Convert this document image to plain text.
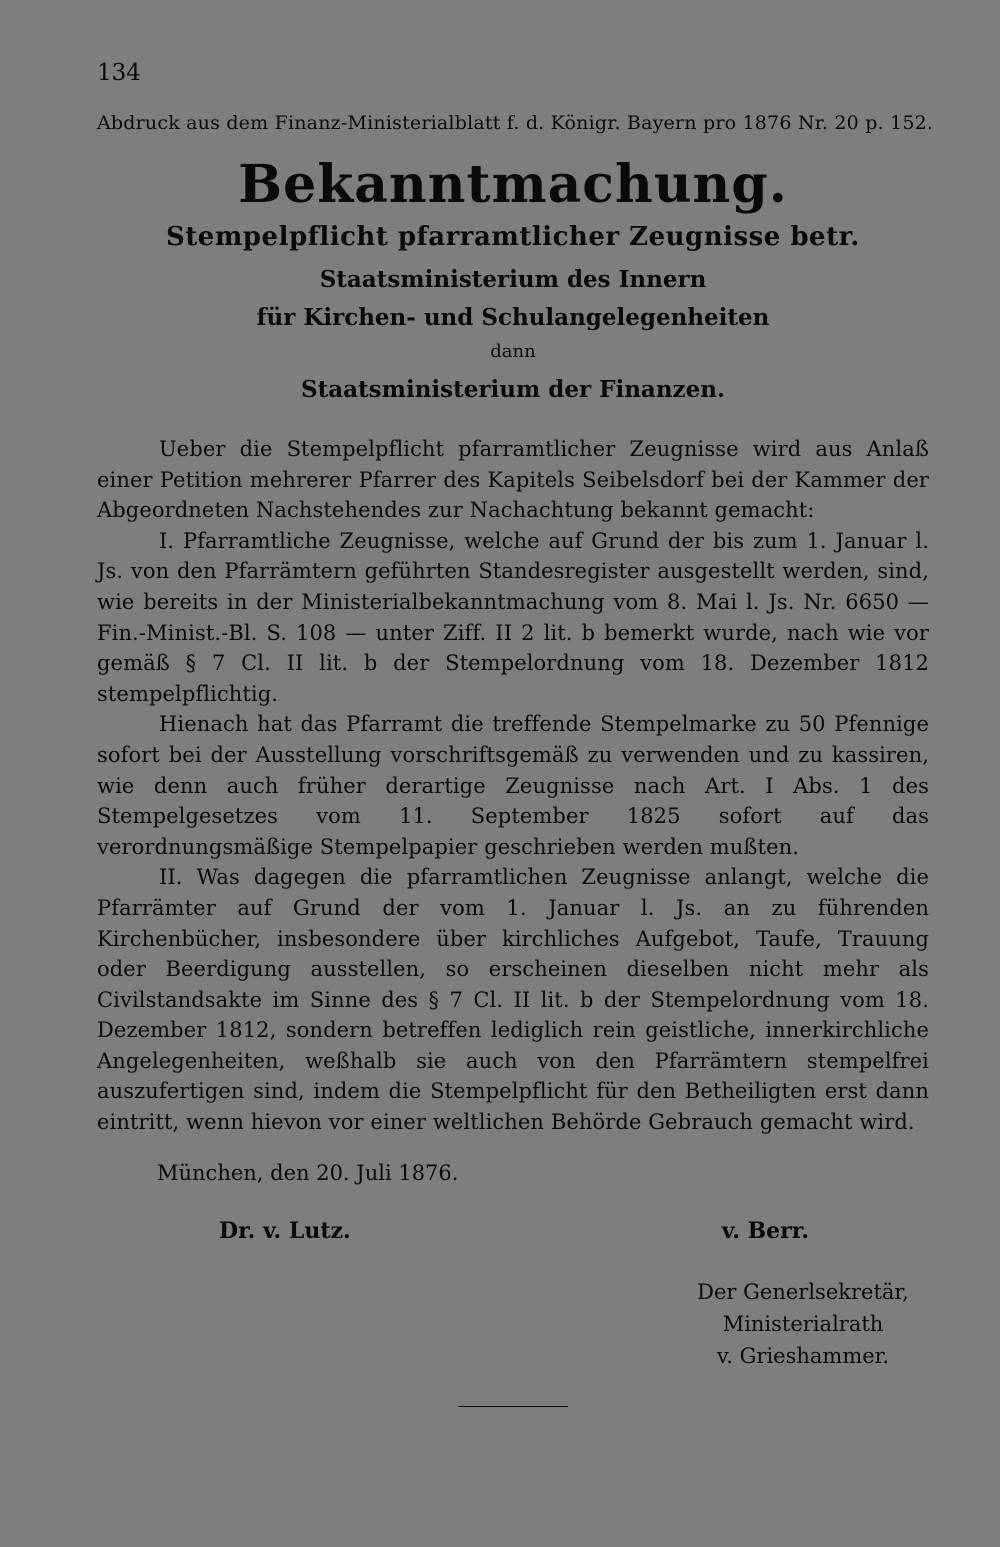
134
Abdruck aus dem Finanz-Ministerialblatt f. d. Königr. Bayern pro 1876 Nr. 20 p. 152.
Bekanntmachung.
Stempelpflicht pfarramtlicher Zeugnisse betr.
Staatsministerium des Innern
für Kirchen- und Schulangelegenheiten
dann
Staatsministerium der Finanzen.

Ueber die Stempelpflicht pfarramtlicher Zeugnisse wird aus Anlaß einer Petition mehrerer Pfarrer des Kapitels Seibelsdorf bei der Kammer der Abgeordneten Nachstehendes zur Nachachtung bekannt gemacht:

I. Pfarramtliche Zeugnisse, welche auf Grund der bis zum 1. Januar l. Js. von den Pfarrämtern geführten Standesregister ausgestellt werden, sind, wie bereits in der Ministerialbekanntmachung vom 8. Mai l. Js. Nr. 6650 — Fin.-Minist.-Bl. S. 108 — unter Ziff. II 2 lit. b bemerkt wurde, nach wie vor gemäß § 7 Cl. II lit. b der Stempelordnung vom 18. Dezember 1812 stempelpflichtig.

Hienach hat das Pfarramt die treffende Stempelmarke zu 50 Pfennige sofort bei der Ausstellung vorschriftsgemäß zu verwenden und zu kassiren, wie denn auch früher derartige Zeugnisse nach Art. I Abs. 1 des Stempelgesetzes vom 11. September 1825 sofort auf das verordnungsmäßige Stempelpapier geschrieben werden mußten.

II. Was dagegen die pfarramtlichen Zeugnisse anlangt, welche die Pfarrämter auf Grund der vom 1. Januar l. Js. an zu führenden Kirchenbücher, insbesondere über kirchliches Aufgebot, Taufe, Trauung oder Beerdigung ausstellen, so erscheinen dieselben nicht mehr als Civilstandsakte im Sinne des § 7 Cl. II lit. b der Stempelordnung vom 18. Dezember 1812, sondern betreffen lediglich rein geistliche, innerkirchliche Angelegenheiten, weßhalb sie auch von den Pfarrämtern stempelfrei auszufertigen sind, indem die Stempelpflicht für den Betheiligten erst dann eintritt, wenn hievon vor einer weltlichen Behörde Gebrauch gemacht wird.

München, den 20. Juli 1876.
Dr. v. Lutz.	v. Berr.
Der Generlsekretär,
Ministerialrath
v. Grieshammer.
